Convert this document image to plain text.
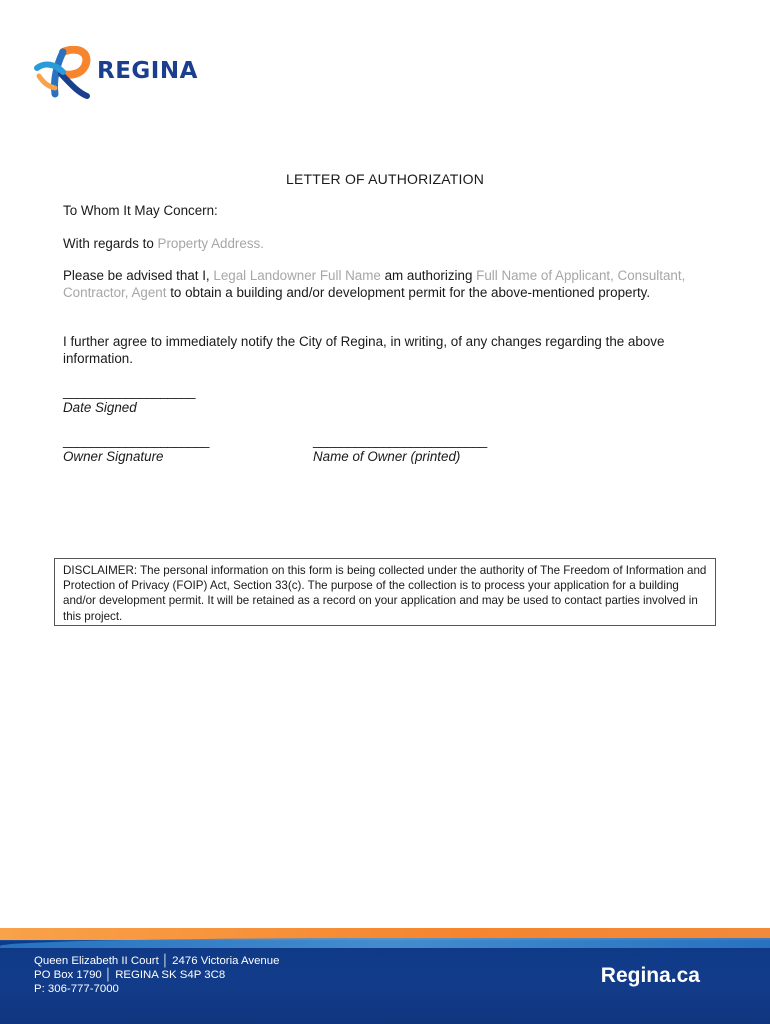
REGINA
LETTER OF AUTHORIZATION
To Whom It May Concern:
With regards to Property Address.
Please be advised that I, Legal Landowner Full Name am authorizing Full Name of Applicant, Consultant, Contractor, Agent to obtain a building and/or development permit for the above-mentioned property.
I further agree to immediately notify the City of Regina, in writing, of any changes regarding the above information.
___________________
Date Signed
_____________________
Owner Signature
_________________________
Name of Owner (printed)
DISCLAIMER: The personal information on this form is being collected under the authority of The Freedom of Information and Protection of Privacy (FOIP) Act, Section 33(c). The purpose of the collection is to process your application for a building and/or development permit. It will be retained as a record on your application and may be used to contact parties involved in this project.
Queen Elizabeth II Court │ 2476 Victoria Avenue
PO Box 1790 │ REGINA SK S4P 3C8
P: 306-777-7000
Regina.ca
